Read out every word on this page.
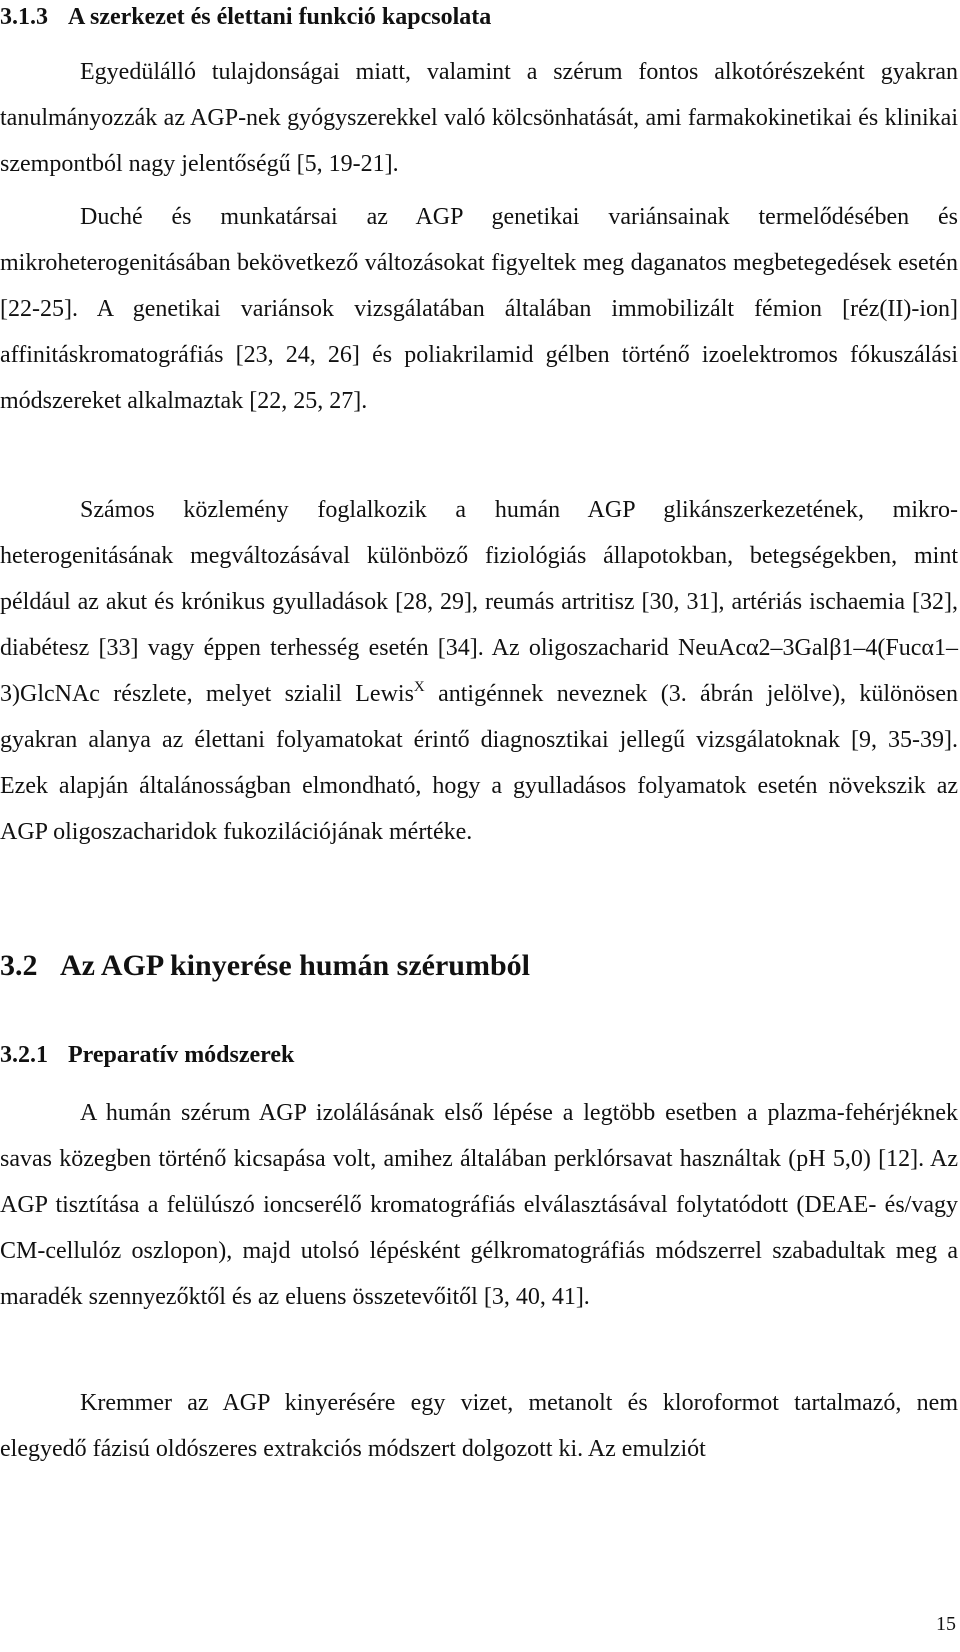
3.1.3 A szerkezet és élettani funkció kapcsolata

Egyedülálló tulajdonságai miatt, valamint a szérum fontos alkotórészeként gyakran tanulmányozzák az AGP-nek gyógyszerekkel való kölcsönhatását, ami farmakokinetikai és klinikai szempontból nagy jelentőségű [5, 19-21].

Duché és munkatársai az AGP genetikai variánsainak termelődésében és mikroheterogenitásában bekövetkező változásokat figyeltek meg daganatos megbetegedések esetén [22-25]. A genetikai variánsok vizsgálatában általában immobilizált fémion [réz(II)-ion] affinitáskromatográfiás [23, 24, 26] és poliakrilamid gélben történő izoelektromos fókuszálási módszereket alkalmaztak [22, 25, 27].

Számos közlemény foglalkozik a humán AGP glikánszerkezetének, mikro-heterogenitásának megváltozásával különböző fiziológiás állapotokban, betegségekben, mint például az akut és krónikus gyulladások [28, 29], reumás artritisz [30, 31], artériás ischaemia [32], diabétesz [33] vagy éppen terhesség esetén [34]. Az oligoszacharid NeuAcα2–3Galβ1–4(Fucα1–3)GlcNAc részlete, melyet szialil Lewis$^X$ antigénnek neveznek (3. ábrán jelölve), különösen gyakran alanya az élettani folyamatokat érintő diagnosztikai jellegű vizsgálatoknak [9, 35-39]. Ezek alapján általánosságban elmondható, hogy a gyulladásos folyamatok esetén növekszik az AGP oligoszacharidok fukozilációjának mértéke.

3.2 Az AGP kinyerése humán szérumból
3.2.1 Preparatív módszerek

A humán szérum AGP izolálásának első lépése a legtöbb esetben a plazma-fehérjéknek savas közegben történő kicsapása volt, amihez általában perklórsavat használtak (pH 5,0) [12]. Az AGP tisztítása a felülúszó ioncserélő kromatográfiás elválasztásával folytatódott (DEAE- és/vagy CM-cellulóz oszlopon), majd utolsó lépésként gélkromatográfiás módszerrel szabadultak meg a maradék szennyezőktől és az eluens összetevőitől [3, 40, 41].

Kremmer az AGP kinyerésére egy vizet, metanolt és kloroformot tartalmazó, nem elegyedő fázisú oldószeres extrakciós módszert dolgozott ki. Az emulziót

15
